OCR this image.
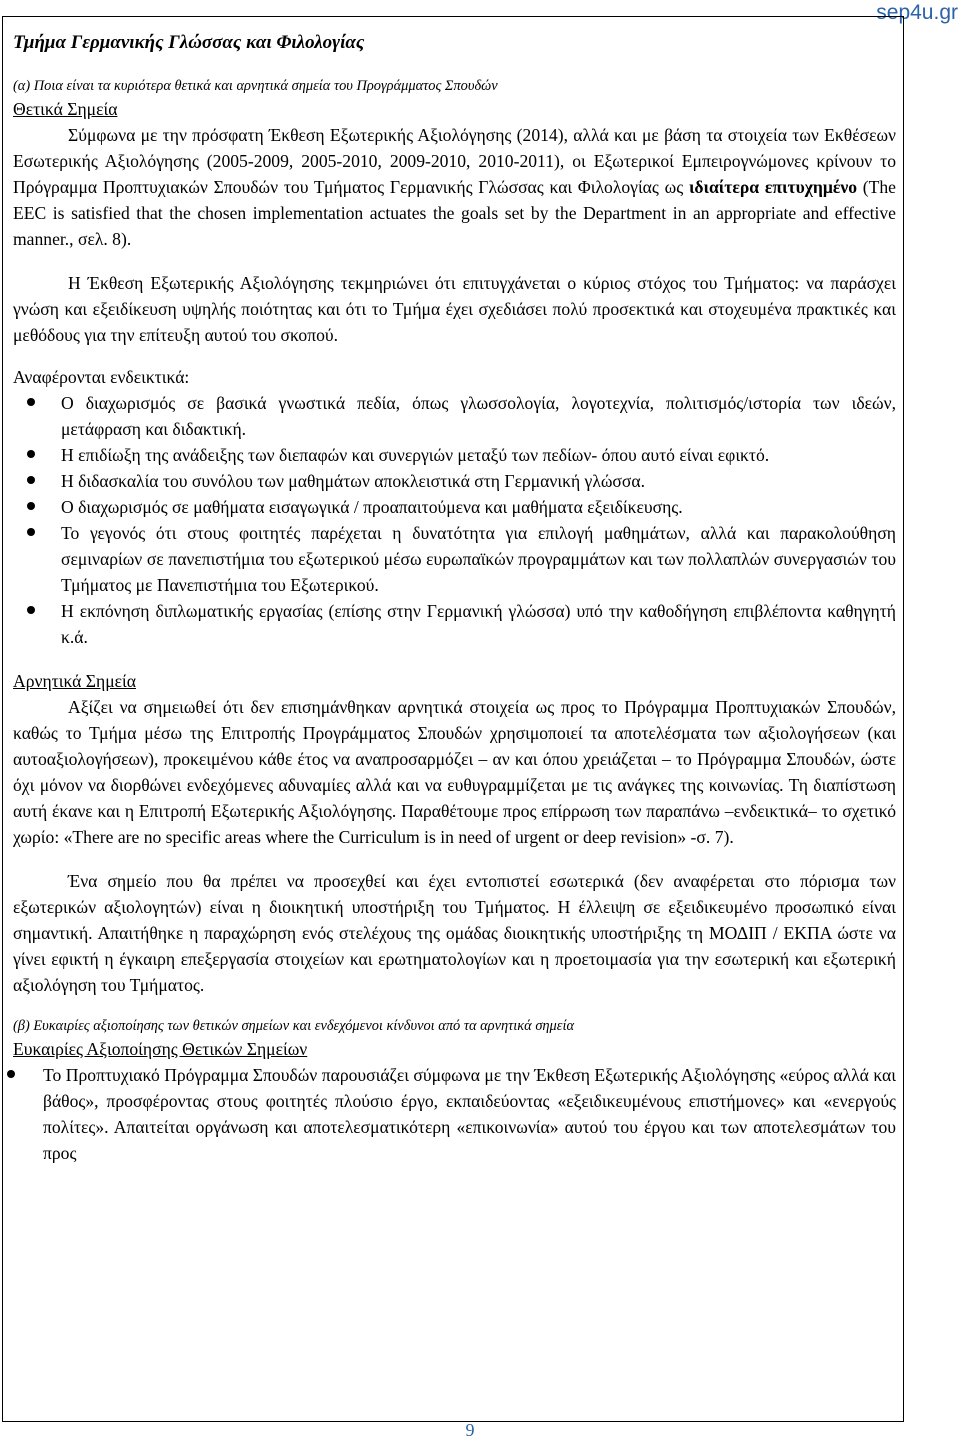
sep4u.gr

Τμήμα Γερμανικής Γλώσσας και Φιλολογίας

(α) Ποια είναι τα κυριότερα θετικά και αρνητικά σημεία του Προγράμματος Σπουδών

Θετικά Σημεία

Σύμφωνα με την πρόσφατη Έκθεση Εξωτερικής Αξιολόγησης (2014), αλλά και με βάση τα στοιχεία των Εκθέσεων Εσωτερικής Αξιολόγησης (2005-2009, 2005-2010, 2009-2010, 2010-2011), οι Εξωτερικοί Εμπειρογνώμονες κρίνουν το Πρόγραμμα Προπτυχιακών Σπουδών του Τμήματος Γερμανικής Γλώσσας και Φιλολογίας ως ιδιαίτερα επιτυχημένο (The EEC is satisfied that the chosen implementation actuates the goals set by the Department in an appropriate and effective manner., σελ. 8).

Η Έκθεση Εξωτερικής Αξιολόγησης τεκμηριώνει ότι επιτυγχάνεται ο κύριος στόχος του Τμήματος: να παράσχει γνώση και εξειδίκευση υψηλής ποιότητας και ότι το Τμήμα έχει σχεδιάσει πολύ προσεκτικά και στοχευμένα πρακτικές και μεθόδους για την επίτευξη αυτού του σκοπού.

Αναφέρονται ενδεικτικά:

Ο διαχωρισμός σε βασικά γνωστικά πεδία, όπως γλωσσολογία, λογοτεχνία, πολιτισμός/ιστορία των ιδεών, μετάφραση και διδακτική.
Η επιδίωξη της ανάδειξης των διεπαφών και συνεργιών μεταξύ των πεδίων- όπου αυτό είναι εφικτό.
Η διδασκαλία του συνόλου των μαθημάτων αποκλειστικά στη Γερμανική γλώσσα.
Ο διαχωρισμός σε μαθήματα εισαγωγικά / προαπαιτούμενα και μαθήματα εξειδίκευσης.
Το γεγονός ότι στους φοιτητές παρέχεται η δυνατότητα για επιλογή μαθημάτων, αλλά και παρακολούθηση σεμιναρίων σε πανεπιστήμια του εξωτερικού μέσω ευρωπαϊκών προγραμμάτων και των πολλαπλών συνεργασιών του Τμήματος με Πανεπιστήμια του Εξωτερικού.
Η εκπόνηση διπλωματικής εργασίας (επίσης στην Γερμανική γλώσσα) υπό την καθοδήγηση επιβλέποντα καθηγητή κ.ά.

Αρνητικά Σημεία

Αξίζει να σημειωθεί ότι δεν επισημάνθηκαν αρνητικά στοιχεία ως προς το Πρόγραμμα Προπτυχιακών Σπουδών, καθώς το Τμήμα μέσω της Επιτροπής Προγράμματος Σπουδών χρησιμοποιεί τα αποτελέσματα των αξιολογήσεων (και αυτοαξιολογήσεων), προκειμένου κάθε έτος να αναπροσαρμόζει – αν και όπου χρειάζεται – το Πρόγραμμα Σπουδών, ώστε όχι μόνον να διορθώνει ενδεχόμενες αδυναμίες αλλά και να ευθυγραμμίζεται με τις ανάγκες της κοινωνίας. Τη διαπίστωση αυτή έκανε και η Επιτροπή Εξωτερικής Αξιολόγησης. Παραθέτουμε προς επίρρωση των παραπάνω –ενδεικτικά– το σχετικό χωρίο: «There are no specific areas where the Curriculum is in need of urgent or deep revision» -σ. 7).

Ένα σημείο που θα πρέπει να προσεχθεί και έχει εντοπιστεί εσωτερικά (δεν αναφέρεται στο πόρισμα των εξωτερικών αξιολογητών) είναι η διοικητική υποστήριξη του Τμήματος. Η έλλειψη σε εξειδικευμένο προσωπικό είναι σημαντική. Απαιτήθηκε η παραχώρηση ενός στελέχους της ομάδας διοικητικής υποστήριξης τη ΜΟΔΙΠ / ΕΚΠΑ ώστε να γίνει εφικτή η έγκαιρη επεξεργασία στοιχείων και ερωτηματολογίων και η προετοιμασία για την εσωτερική και εξωτερική αξιολόγηση του Τμήματος.

(β) Ευκαιρίες αξιοποίησης των θετικών σημείων και ενδεχόμενοι κίνδυνοι από τα αρνητικά σημεία

Ευκαιρίες Αξιοποίησης Θετικών Σημείων

Το Προπτυχιακό Πρόγραμμα Σπουδών παρουσιάζει σύμφωνα με την Έκθεση Εξωτερικής Αξιολόγησης «εύρος αλλά και βάθος», προσφέροντας στους φοιτητές πλούσιο έργο, εκπαιδεύοντας «εξειδικευμένους επιστήμονες» και «ενεργούς πολίτες». Απαιτείται οργάνωση και αποτελεσματικότερη «επικοινωνία» αυτού του έργου και των αποτελεσμάτων του προς
9
